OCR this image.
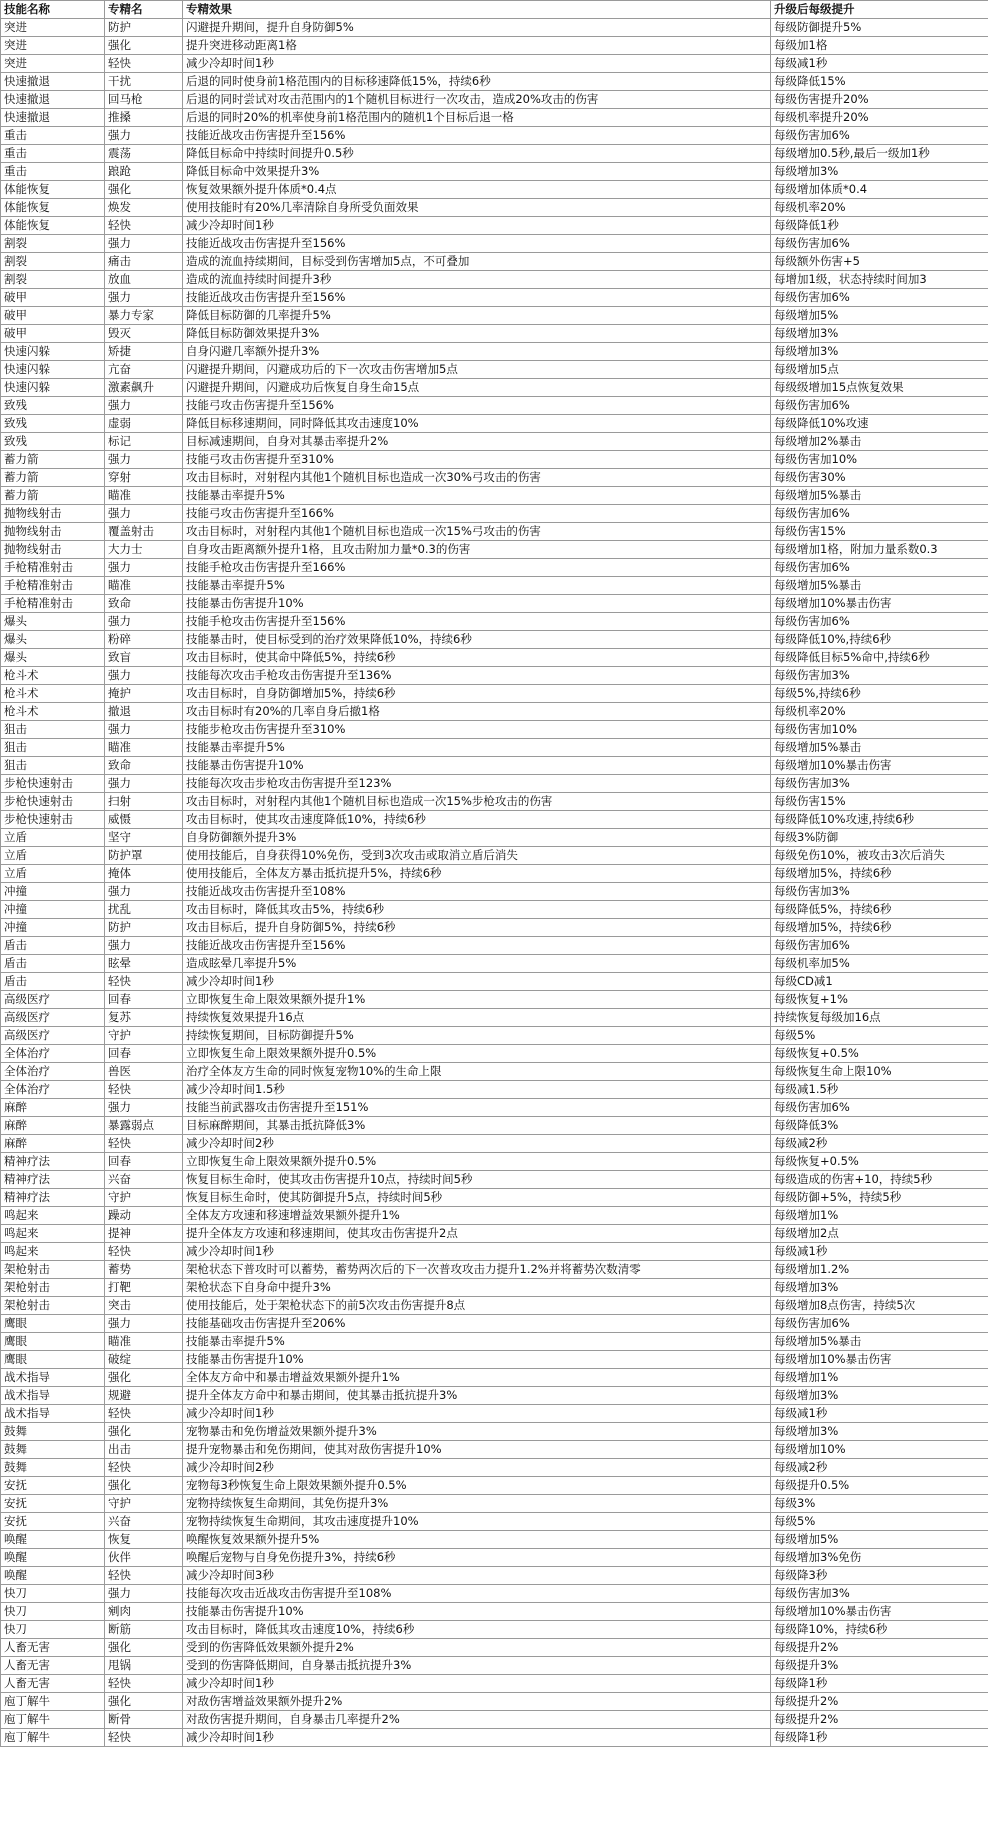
技能名称	专精名	专精效果	升级后每级提升
突进	防护	闪避提升期间，提升自身防御5%	每级防御提升5%
突进	强化	提升突进移动距离1格	每级加1格
突进	轻快	减少冷却时间1秒	每级减1秒
快速撤退	干扰	后退的同时使身前1格范围内的目标移速降低15%，持续6秒	每级降低15%
快速撤退	回马枪	后退的同时尝试对攻击范围内的1个随机目标进行一次攻击，造成20%攻击的伤害	每级伤害提升20%
快速撤退	推搡	后退的同时20%的机率使身前1格范围内的随机1个目标后退一格	每级机率提升20%
重击	强力	技能近战攻击伤害提升至156%	每级伤害加6%
重击	震荡	降低目标命中持续时间提升0.5秒	每级增加0.5秒,最后一级加1秒
重击	踉跄	降低目标命中效果提升3%	每级增加3%
体能恢复	强化	恢复效果额外提升体质*0.4点	每级增加体质*0.4
体能恢复	焕发	使用技能时有20%几率清除自身所受负面效果	每级机率20%
体能恢复	轻快	减少冷却时间1秒	每级降低1秒
割裂	强力	技能近战攻击伤害提升至156%	每级伤害加6%
割裂	痛击	造成的流血持续期间，目标受到伤害增加5点，不可叠加	每级额外伤害+5
割裂	放血	造成的流血持续时间提升3秒	每增加1级，状态持续时间加3
破甲	强力	技能近战攻击伤害提升至156%	每级伤害加6%
破甲	暴力专家	降低目标防御的几率提升5%	每级增加5%
破甲	毁灭	降低目标防御效果提升3%	每级增加3%
快速闪躲	矫捷	自身闪避几率额外提升3%	每级增加3%
快速闪躲	亢奋	闪避提升期间，闪避成功后的下一次攻击伤害增加5点	每级增加5点
快速闪躲	激素飙升	闪避提升期间，闪避成功后恢复自身生命15点	每级级增加15点恢复效果
致残	强力	技能弓攻击伤害提升至156%	每级伤害加6%
致残	虚弱	降低目标移速期间，同时降低其攻击速度10%	每级降低10%攻速
致残	标记	目标减速期间，自身对其暴击率提升2%	每级增加2%暴击
蓄力箭	强力	技能弓攻击伤害提升至310%	每级伤害加10%
蓄力箭	穿射	攻击目标时，对射程内其他1个随机目标也造成一次30%弓攻击的伤害	每级伤害30%
蓄力箭	瞄准	技能暴击率提升5%	每级增加5%暴击
抛物线射击	强力	技能弓攻击伤害提升至166%	每级伤害加6%
抛物线射击	覆盖射击	攻击目标时，对射程内其他1个随机目标也造成一次15%弓攻击的伤害	每级伤害15%
抛物线射击	大力士	自身攻击距离额外提升1格，且攻击附加力量*0.3的伤害	每级增加1格，附加力量系数0.3
手枪精准射击	强力	技能手枪攻击伤害提升至166%	每级伤害加6%
手枪精准射击	瞄准	技能暴击率提升5%	每级增加5%暴击
手枪精准射击	致命	技能暴击伤害提升10%	每级增加10%暴击伤害
爆头	强力	技能手枪攻击伤害提升至156%	每级伤害加6%
爆头	粉碎	技能暴击时，使目标受到的治疗效果降低10%，持续6秒	每级降低10%,持续6秒
爆头	致盲	攻击目标时，使其命中降低5%，持续6秒	每级降低目标5%命中,持续6秒
枪斗术	强力	技能每次攻击手枪攻击伤害提升至136%	每级伤害加3%
枪斗术	掩护	攻击目标时，自身防御增加5%，持续6秒	每级5%,持续6秒
枪斗术	撤退	攻击目标时有20%的几率自身后撤1格	每级机率20%
狙击	强力	技能步枪攻击伤害提升至310%	每级伤害加10%
狙击	瞄准	技能暴击率提升5%	每级增加5%暴击
狙击	致命	技能暴击伤害提升10%	每级增加10%暴击伤害
步枪快速射击	强力	技能每次攻击步枪攻击伤害提升至123%	每级伤害加3%
步枪快速射击	扫射	攻击目标时，对射程内其他1个随机目标也造成一次15%步枪攻击的伤害	每级伤害15%
步枪快速射击	威慑	攻击目标时，使其攻击速度降低10%，持续6秒	每级降低10%攻速,持续6秒
立盾	坚守	自身防御额外提升3%	每级3%防御
立盾	防护罩	使用技能后，自身获得10%免伤，受到3次攻击或取消立盾后消失	每级免伤10%，被攻击3次后消失
立盾	掩体	使用技能后，全体友方暴击抵抗提升5%，持续6秒	每级增加5%，持续6秒
冲撞	强力	技能近战攻击伤害提升至108%	每级伤害加3%
冲撞	扰乱	攻击目标时，降低其攻击5%，持续6秒	每级降低5%，持续6秒
冲撞	防护	攻击目标后，提升自身防御5%，持续6秒	每级增加5%，持续6秒
盾击	强力	技能近战攻击伤害提升至156%	每级伤害加6%
盾击	眩晕	造成眩晕几率提升5%	每级机率加5%
盾击	轻快	减少冷却时间1秒	每级CD减1
高级医疗	回春	立即恢复生命上限效果额外提升1%	每级恢复+1%
高级医疗	复苏	持续恢复效果提升16点	持续恢复每级加16点
高级医疗	守护	持续恢复期间，目标防御提升5%	每级5%
全体治疗	回春	立即恢复生命上限效果额外提升0.5%	每级恢复+0.5%
全体治疗	兽医	治疗全体友方生命的同时恢复宠物10%的生命上限	每级恢复生命上限10%
全体治疗	轻快	减少冷却时间1.5秒	每级减1.5秒
麻醉	强力	技能当前武器攻击伤害提升至151%	每级伤害加6%
麻醉	暴露弱点	目标麻醉期间，其暴击抵抗降低3%	每级降低3%
麻醉	轻快	减少冷却时间2秒	每级减2秒
精神疗法	回春	立即恢复生命上限效果额外提升0.5%	每级恢复+0.5%
精神疗法	兴奋	恢复目标生命时，使其攻击伤害提升10点，持续时间5秒	每级造成的伤害+10，持续5秒
精神疗法	守护	恢复目标生命时，使其防御提升5点，持续时间5秒	每级防御+5%，持续5秒
鸣起来	躁动	全体友方攻速和移速增益效果额外提升1%	每级增加1%
鸣起来	提神	提升全体友方攻速和移速期间，使其攻击伤害提升2点	每级增加2点
鸣起来	轻快	减少冷却时间1秒	每级减1秒
架枪射击	蓄势	架枪状态下普攻时可以蓄势，蓄势两次后的下一次普攻攻击力提升1.2%并将蓄势次数清零	每级增加1.2%
架枪射击	打靶	架枪状态下自身命中提升3%	每级增加3%
架枪射击	突击	使用技能后，处于架枪状态下的前5次攻击伤害提升8点	每级增加8点伤害，持续5次
鹰眼	强力	技能基础攻击伤害提升至206%	每级伤害加6%
鹰眼	瞄准	技能暴击率提升5%	每级增加5%暴击
鹰眼	破绽	技能暴击伤害提升10%	每级增加10%暴击伤害
战术指导	强化	全体友方命中和暴击增益效果额外提升1%	每级增加1%
战术指导	规避	提升全体友方命中和暴击期间，使其暴击抵抗提升3%	每级增加3%
战术指导	轻快	减少冷却时间1秒	每级减1秒
鼓舞	强化	宠物暴击和免伤增益效果额外提升3%	每级增加3%
鼓舞	出击	提升宠物暴击和免伤期间，使其对敌伤害提升10%	每级增加10%
鼓舞	轻快	减少冷却时间2秒	每级减2秒
安抚	强化	宠物每3秒恢复生命上限效果额外提升0.5%	每级提升0.5%
安抚	守护	宠物持续恢复生命期间，其免伤提升3%	每级3%
安抚	兴奋	宠物持续恢复生命期间，其攻击速度提升10%	每级5%
唤醒	恢复	唤醒恢复效果额外提升5%	每级增加5%
唤醒	伙伴	唤醒后宠物与自身免伤提升3%，持续6秒	每级增加3%免伤
唤醒	轻快	减少冷却时间3秒	每级降3秒
快刀	强力	技能每次攻击近战攻击伤害提升至108%	每级伤害加3%
快刀	剜肉	技能暴击伤害提升10%	每级增加10%暴击伤害
快刀	断筋	攻击目标时，降低其攻击速度10%，持续6秒	每级降10%，持续6秒
人畜无害	强化	受到的伤害降低效果额外提升2%	每级提升2%
人畜无害	甩锅	受到的伤害降低期间，自身暴击抵抗提升3%	每级提升3%
人畜无害	轻快	减少冷却时间1秒	每级降1秒
庖丁解牛	强化	对敌伤害增益效果额外提升2%	每级提升2%
庖丁解牛	断骨	对敌伤害提升期间，自身暴击几率提升2%	每级提升2%
庖丁解牛	轻快	减少冷却时间1秒	每级降1秒
